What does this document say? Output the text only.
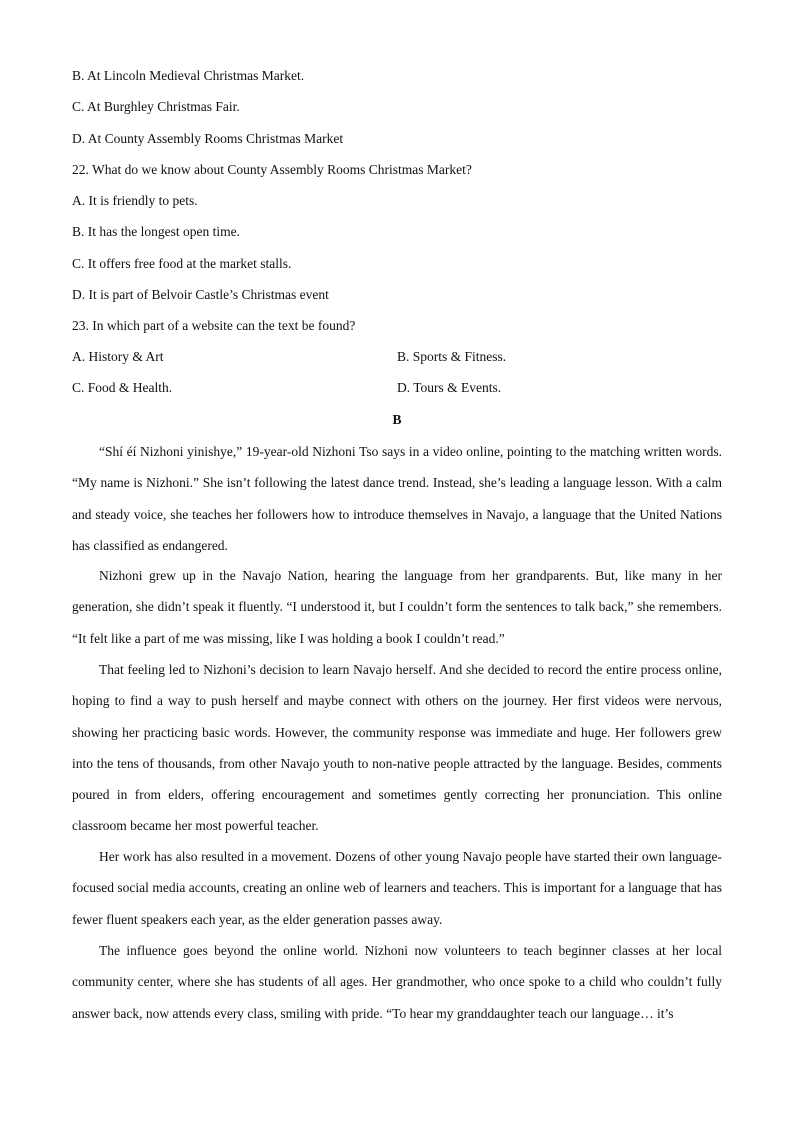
B. At Lincoln Medieval Christmas Market.
C. At Burghley Christmas Fair.
D. At County Assembly Rooms Christmas Market
22. What do we know about County Assembly Rooms Christmas Market?
A. It is friendly to pets.
B. It has the longest open time.
C. It offers free food at the market stalls.
D. It is part of Belvoir Castle’s Christmas event
23. In which part of a website can the text be found?
A. History & Art	B. Sports & Fitness.
C. Food & Health.	D. Tours & Events.
B

“Shí éí Nizhoni yinishye,” 19-year-old Nizhoni Tso says in a video online, pointing to the matching written words. “My name is Nizhoni.” She isn’t following the latest dance trend. Instead, she’s leading a language lesson. With a calm and steady voice, she teaches her followers how to introduce themselves in Navajo, a language that the United Nations has classified as endangered.

Nizhoni grew up in the Navajo Nation, hearing the language from her grandparents. But, like many in her generation, she didn’t speak it fluently. “I understood it, but I couldn’t form the sentences to talk back,” she remembers. “It felt like a part of me was missing, like I was holding a book I couldn’t read.”

That feeling led to Nizhoni’s decision to learn Navajo herself. And she decided to record the entire process online, hoping to find a way to push herself and maybe connect with others on the journey. Her first videos were nervous, showing her practicing basic words. However, the community response was immediate and huge. Her followers grew into the tens of thousands, from other Navajo youth to non-native people attracted by the language. Besides, comments poured in from elders, offering encouragement and sometimes gently correcting her pronunciation. This online classroom became her most powerful teacher.

Her work has also resulted in a movement. Dozens of other young Navajo people have started their own language-focused social media accounts, creating an online web of learners and teachers. This is important for a language that has fewer fluent speakers each year, as the elder generation passes away.

The influence goes beyond the online world. Nizhoni now volunteers to teach beginner classes at her local community center, where she has students of all ages. Her grandmother, who once spoke to a child who couldn’t fully answer back, now attends every class, smiling with pride. “To hear my granddaughter teach our language… it’s
